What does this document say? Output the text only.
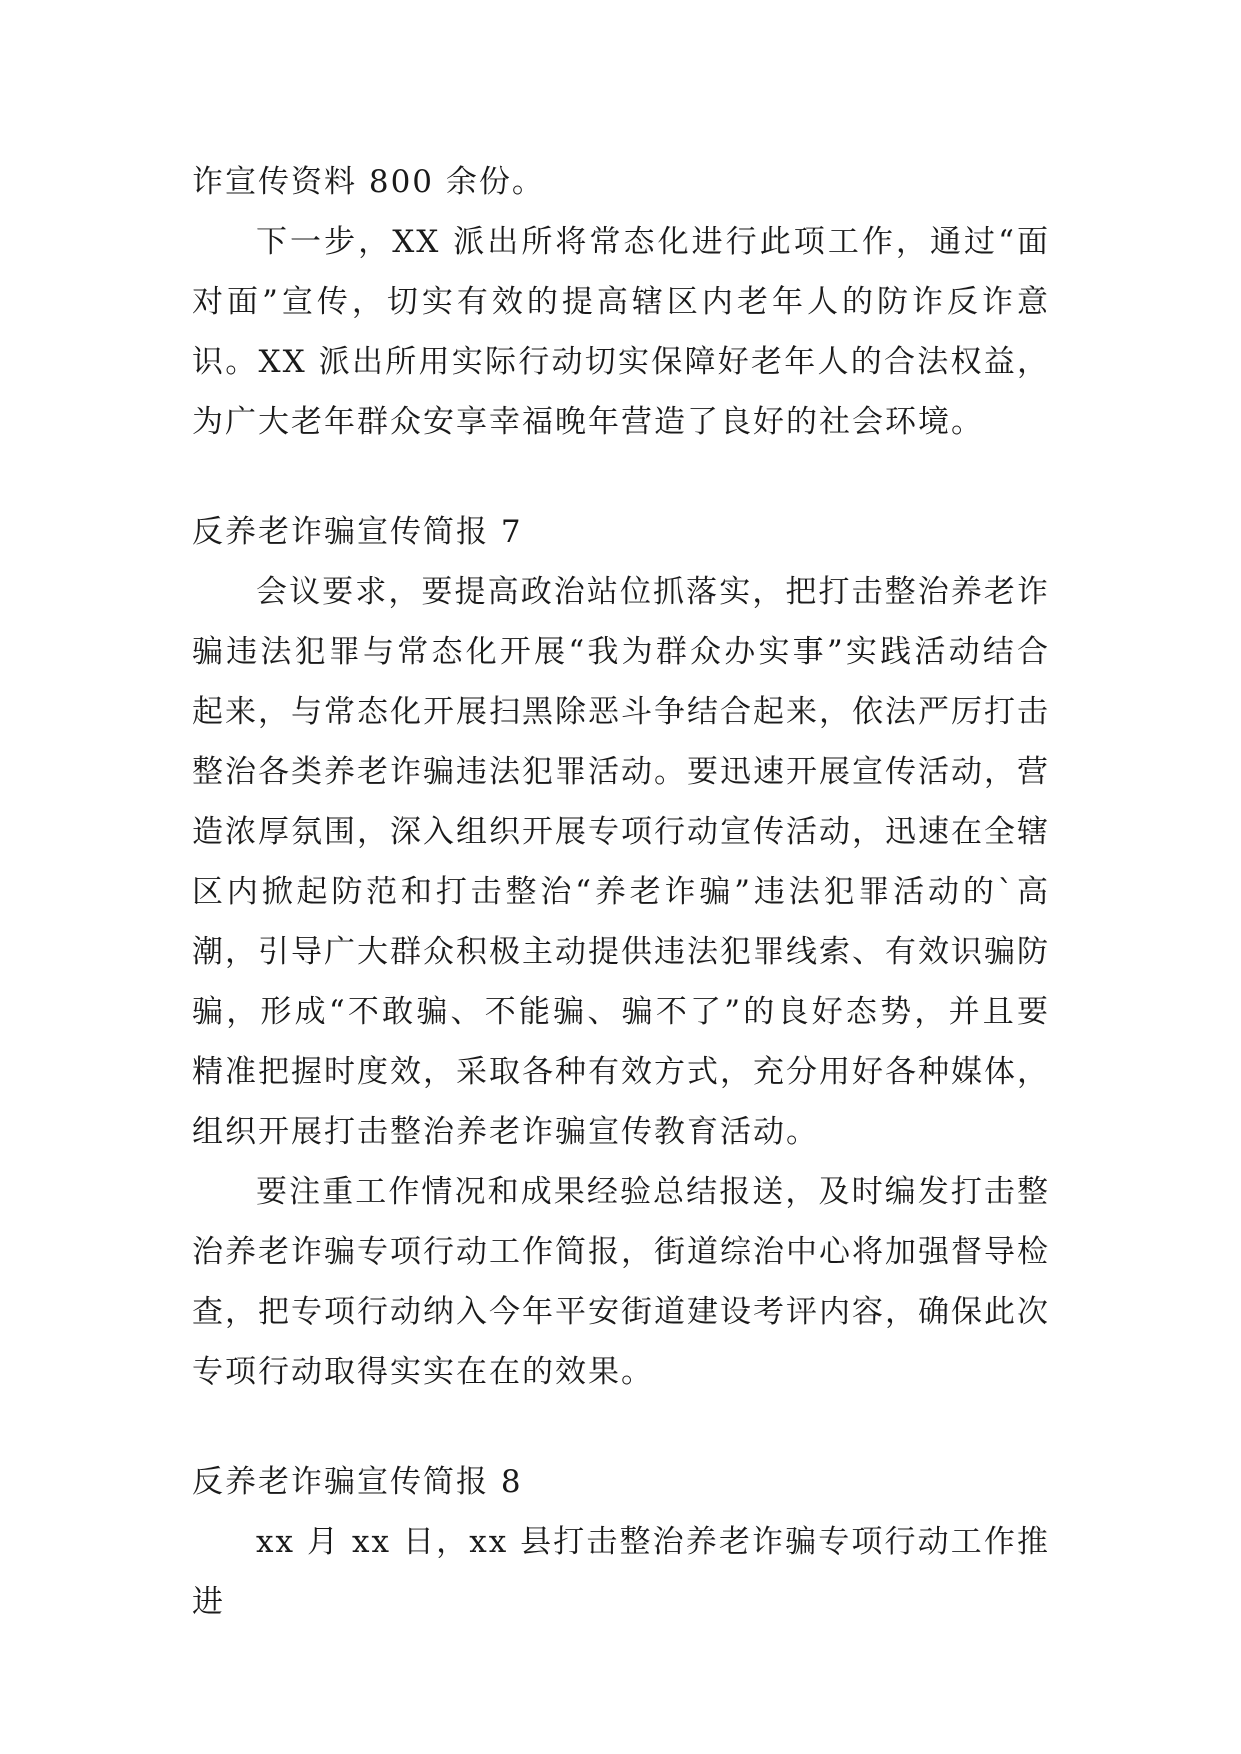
诈宣传资料 800 余份。

下一步，XX 派出所将常态化进行此项工作，通过“面对面”宣传，切实有效的提高辖区内老年人的防诈反诈意识。XX 派出所用实际行动切实保障好老年人的合法权益，为广大老年群众安享幸福晚年营造了良好的社会环境。

反养老诈骗宣传简报 7

会议要求，要提高政治站位抓落实，把打击整治养老诈骗违法犯罪与常态化开展“我为群众办实事”实践活动结合起来，与常态化开展扫黑除恶斗争结合起来，依法严厉打击整治各类养老诈骗违法犯罪活动。要迅速开展宣传活动，营造浓厚氛围，深入组织开展专项行动宣传活动，迅速在全辖区内掀起防范和打击整治“养老诈骗”违法犯罪活动的`高潮，引导广大群众积极主动提供违法犯罪线索、有效识骗防骗，形成“不敢骗、不能骗、骗不了”的良好态势，并且要精准把握时度效，采取各种有效方式，充分用好各种媒体，组织开展打击整治养老诈骗宣传教育活动。

要注重工作情况和成果经验总结报送，及时编发打击整治养老诈骗专项行动工作简报，街道综治中心将加强督导检查，把专项行动纳入今年平安街道建设考评内容，确保此次专项行动取得实实在在的效果。

反养老诈骗宣传简报 8

xx 月 xx 日，xx 县打击整治养老诈骗专项行动工作推进
